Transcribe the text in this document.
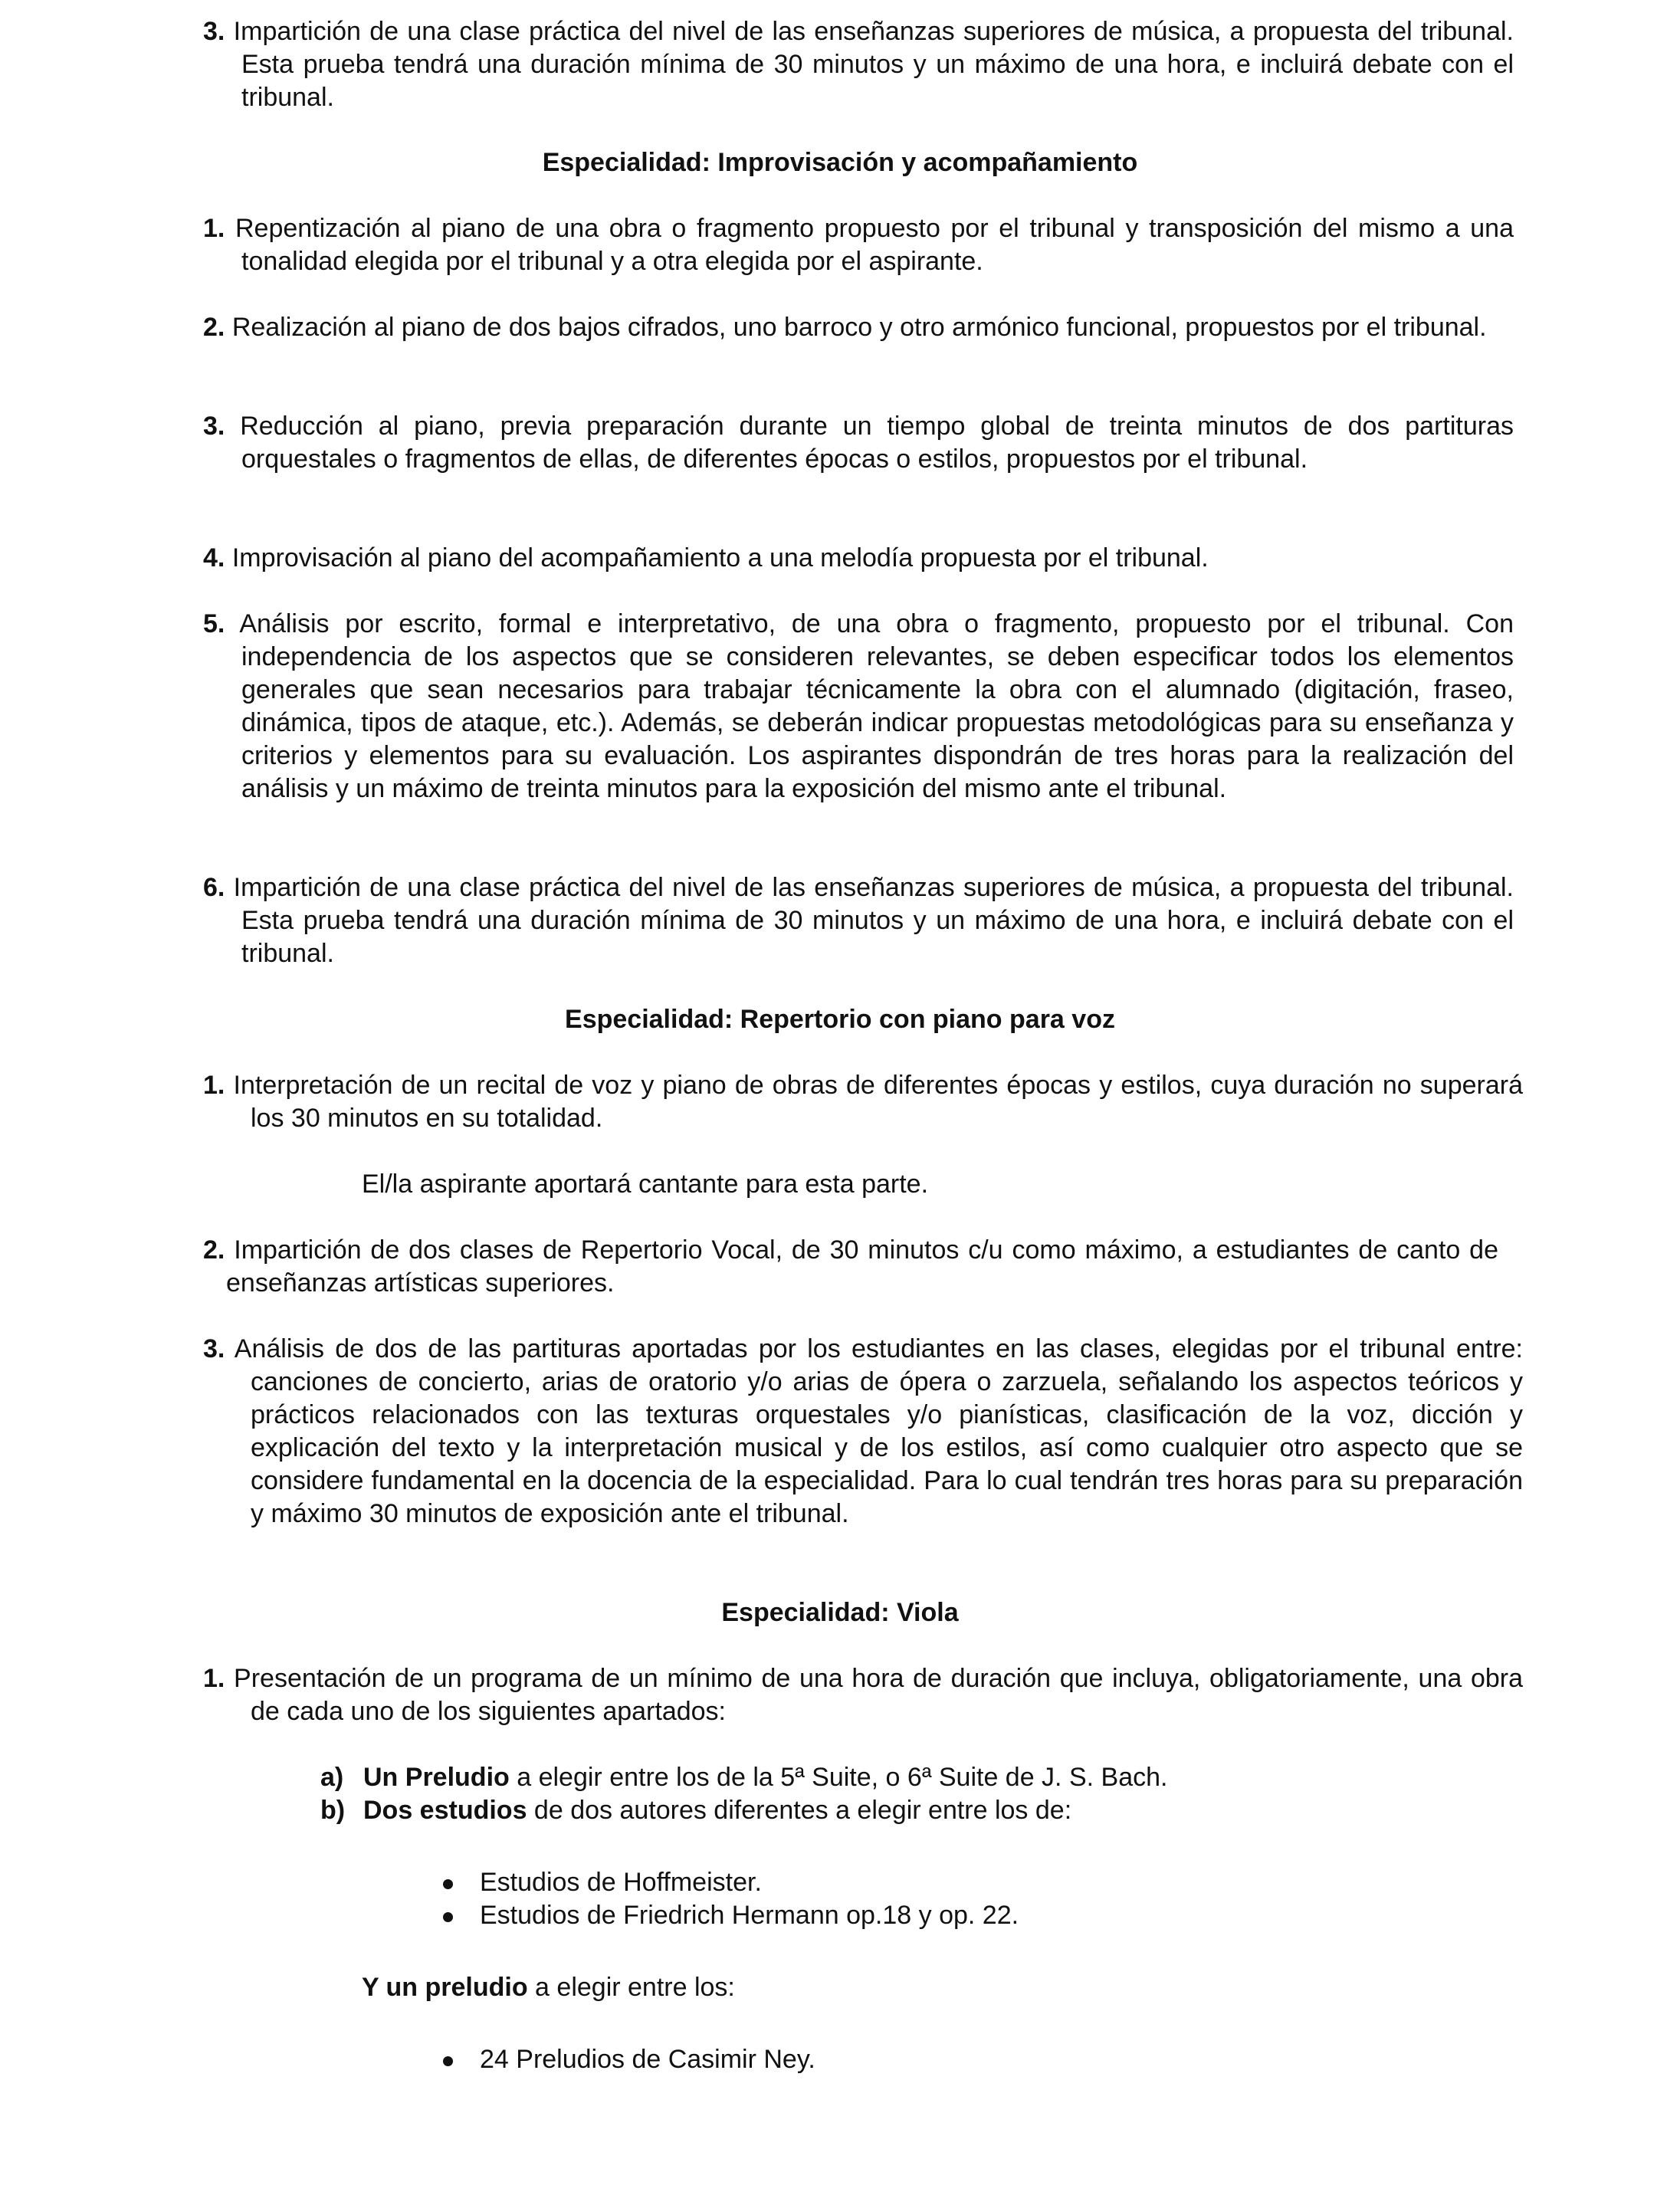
3. Impartición de una clase práctica del nivel de las enseñanzas superiores de música, a propuesta del tribunal. Esta prueba tendrá una duración mínima de 30 minutos y un máximo de una hora, e incluirá debate con el tribunal.
Especialidad: Improvisación y acompañamiento
1. Repentización al piano de una obra o fragmento propuesto por el tribunal y transposición del mismo a una tonalidad elegida por el tribunal y a otra elegida por el aspirante.
2. Realización al piano de dos bajos cifrados, uno barroco y otro armónico funcional, propuestos por el tribunal.
3. Reducción al piano, previa preparación durante un tiempo global de treinta minutos de dos partituras orquestales o fragmentos de ellas, de diferentes épocas o estilos, propuestos por el tribunal.
4. Improvisación al piano del acompañamiento a una melodía propuesta por el tribunal.
5. Análisis por escrito, formal e interpretativo, de una obra o fragmento, propuesto por el tribunal. Con independencia de los aspectos que se consideren relevantes, se deben especificar todos los elementos generales que sean necesarios para trabajar técnicamente la obra con el alumnado (digitación, fraseo, dinámica, tipos de ataque, etc.). Además, se deberán indicar propuestas metodológicas para su enseñanza y criterios y elementos para su evaluación. Los aspirantes dispondrán de tres horas para la realización del análisis y un máximo de treinta minutos para la exposición del mismo ante el tribunal.
6. Impartición de una clase práctica del nivel de las enseñanzas superiores de música, a propuesta del tribunal. Esta prueba tendrá una duración mínima de 30 minutos y un máximo de una hora, e incluirá debate con el tribunal.
Especialidad: Repertorio con piano para voz
1. Interpretación de un recital de voz y piano de obras de diferentes épocas y estilos, cuya duración no superará los 30 minutos en su totalidad.
El/la aspirante aportará cantante para esta parte.
2. Impartición de dos clases de Repertorio Vocal, de 30 minutos c/u como máximo, a estudiantes de canto de enseñanzas artísticas superiores.
3. Análisis de dos de las partituras aportadas por los estudiantes en las clases, elegidas por el tribunal entre: canciones de concierto, arias de oratorio y/o arias de ópera o zarzuela, señalando los aspectos teóricos y prácticos relacionados con las texturas orquestales y/o pianísticas, clasificación de la voz, dicción y explicación del texto y la interpretación musical y de los estilos, así como cualquier otro aspecto que se considere fundamental en la docencia de la especialidad. Para lo cual tendrán tres horas para su preparación y máximo 30 minutos de exposición ante el tribunal.
Especialidad: Viola
1. Presentación de un programa de un mínimo de una hora de duración que incluya, obligatoriamente, una obra de cada uno de los siguientes apartados:
a) Un Preludio a elegir entre los de la 5ª Suite, o 6ª Suite de J. S. Bach.
b) Dos estudios de dos autores diferentes a elegir entre los de:
Estudios de Hoffmeister.
Estudios de Friedrich Hermann op.18 y op. 22.
Y un preludio a elegir entre los:
24 Preludios de Casimir Ney.
